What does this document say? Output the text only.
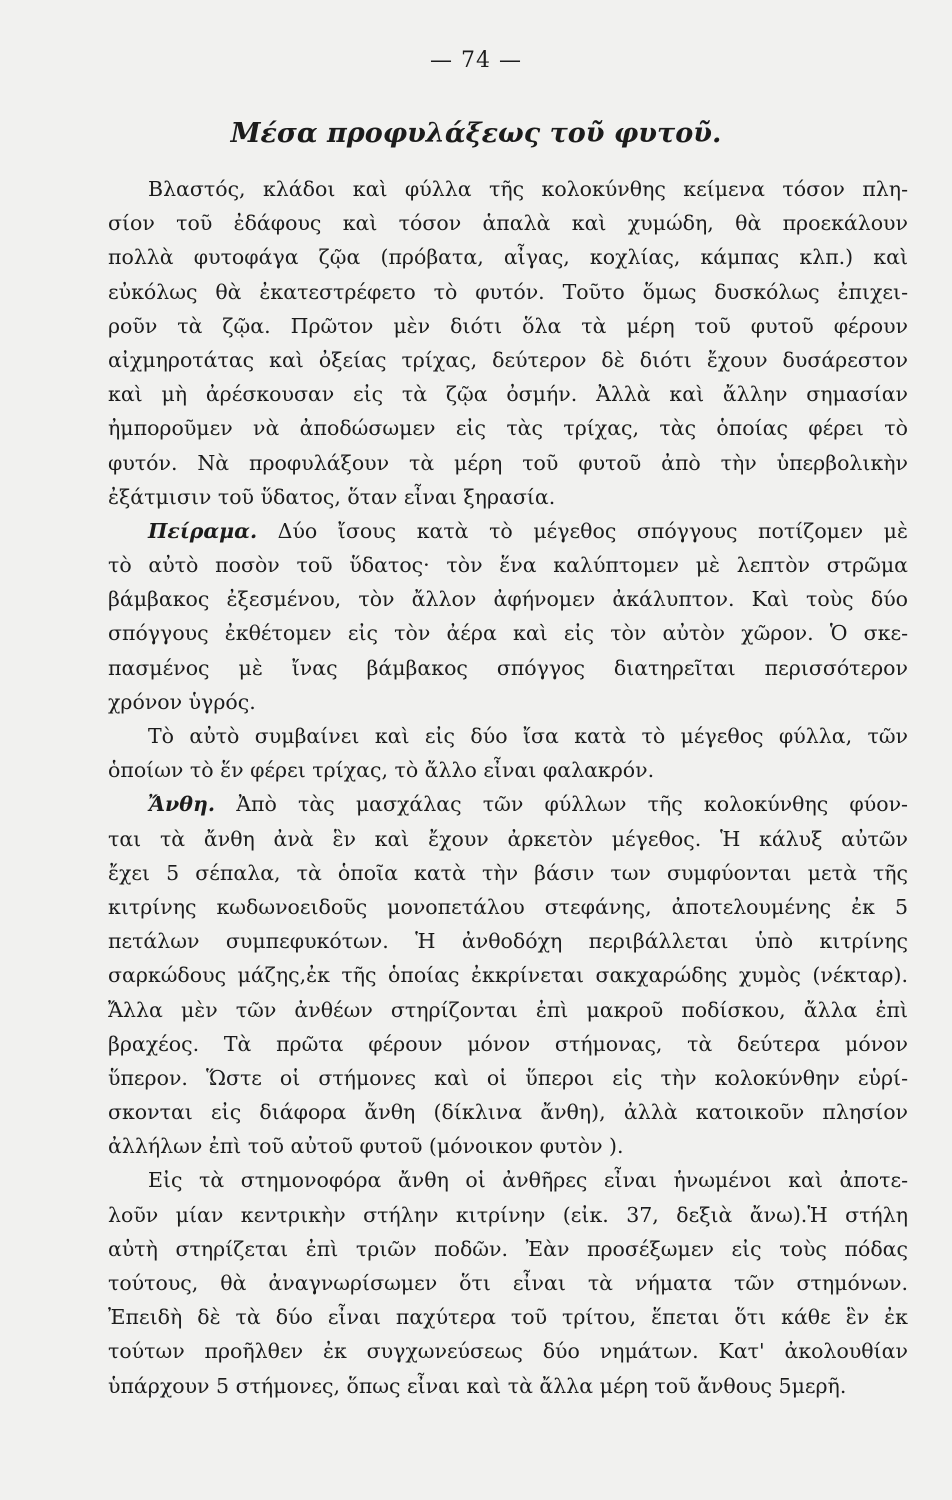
— 74 —
Μέσα προφυλάξεως τοῦ φυτοῦ.
Βλαστός, κλάδοι καὶ φύλλα τῆς κολοκύνθης κείμενα τόσον πλη-
σίον τοῦ ἐδάφους καὶ τόσον ἁπαλὰ καὶ χυμώδη, θὰ προεκάλουν
πολλὰ φυτοφάγα ζῷα (πρόβατα, αἶγας, κοχλίας, κάμπας κλπ.) καὶ
εὐκόλως θὰ ἐκατεστρέφετο τὸ φυτόν. Τοῦτο ὅμως δυσκόλως ἐπιχει-
ροῦν τὰ ζῷα. Πρῶτον μὲν διότι ὅλα τὰ μέρη τοῦ φυτοῦ φέρουν
αἰχμηροτάτας καὶ ὀξείας τρίχας, δεύτερον δὲ διότι ἔχουν δυσάρεστον
καὶ μὴ ἀρέσκουσαν εἰς τὰ ζῷα ὀσμήν. Ἀλλὰ καὶ ἄλλην σημασίαν
ἠμποροῦμεν νὰ ἀποδώσωμεν εἰς τὰς τρίχας, τὰς ὁποίας φέρει τὸ
φυτόν. Νὰ προφυλάξουν τὰ μέρη τοῦ φυτοῦ ἀπὸ τὴν ὑπερβολικὴν
ἐξάτμισιν τοῦ ὕδατος, ὅταν εἶναι ξηρασία.
Πείραμα. Δύο ἴσους κατὰ τὸ μέγεθος σπόγγους ποτίζομεν μὲ
τὸ αὐτὸ ποσὸν τοῦ ὕδατος· τὸν ἕνα καλύπτομεν μὲ λεπτὸν στρῶμα
βάμβακος ἐξεσμένου, τὸν ἄλλον ἀφήνομεν ἀκάλυπτον. Καὶ τοὺς δύο
σπόγγους ἐκθέτομεν εἰς τὸν ἀέρα καὶ εἰς τὸν αὐτὸν χῶρον. Ὁ σκε-
πασμένος μὲ ἴνας βάμβακος σπόγγος διατηρεῖται περισσότερον
χρόνον ὑγρός.
Τὸ αὐτὸ συμβαίνει καὶ εἰς δύο ἴσα κατὰ τὸ μέγεθος φύλλα, τῶν
ὁποίων τὸ ἕν φέρει τρίχας, τὸ ἄλλο εἶναι φαλακρόν.
Ἄνθη. Ἀπὸ τὰς μασχάλας τῶν φύλλων τῆς κολοκύνθης φύον-
ται τὰ ἄνθη ἀνὰ ἓν καὶ ἔχουν ἀρκετὸν μέγεθος. Ἡ κάλυξ αὐτῶν
ἔχει 5 σέπαλα, τὰ ὁποῖα κατὰ τὴν βάσιν των συμφύονται μετὰ τῆς
κιτρίνης κωδωνοειδοῦς μονοπετάλου στεφάνης, ἀποτελουμένης ἐκ 5
πετάλων συμπεφυκότων. Ἡ ἀνθοδόχη περιβάλλεται ὑπὸ κιτρίνης
σαρκώδους μάζης,ἐκ τῆς ὁποίας ἐκκρίνεται σακχαρώδης χυμὸς (νέκταρ).
Ἄλλα μὲν τῶν ἀνθέων στηρίζονται ἐπὶ μακροῦ ποδίσκου, ἄλλα ἐπὶ
βραχέος. Τὰ πρῶτα φέρουν μόνον στήμονας, τὰ δεύτερα μόνον
ὕπερον. Ὥστε οἱ στήμονες καὶ οἱ ὕπεροι εἰς τὴν κολοκύνθην εὑρί-
σκονται εἰς διάφορα ἄνθη (δίκλινα ἄνθη), ἀλλὰ κατοικοῦν πλησίον
ἀλλήλων ἐπὶ τοῦ αὐτοῦ φυτοῦ (μόνοικον φυτὸν ).
Εἰς τὰ στημονοφόρα ἄνθη οἱ ἀνθῆρες εἶναι ἡνωμένοι καὶ ἀποτε-
λοῦν μίαν κεντρικὴν στήλην κιτρίνην (εἰκ. 37, δεξιὰ ἄνω).Ἡ στήλη
αὐτὴ στηρίζεται ἐπὶ τριῶν ποδῶν. Ἐὰν προσέξωμεν εἰς τοὺς πόδας
τούτους, θὰ ἀναγνωρίσωμεν ὅτι εἶναι τὰ νήματα τῶν στημόνων.
Ἐπειδὴ δὲ τὰ δύο εἶναι παχύτερα τοῦ τρίτου, ἕπεται ὅτι κάθε ἓν ἐκ
τούτων προῆλθεν ἐκ συγχωνεύσεως δύο νημάτων. Κατ' ἀκολουθίαν
ὑπάρχουν 5 στήμονες, ὅπως εἶναι καὶ τὰ ἄλλα μέρη τοῦ ἄνθους 5μερῆ.
